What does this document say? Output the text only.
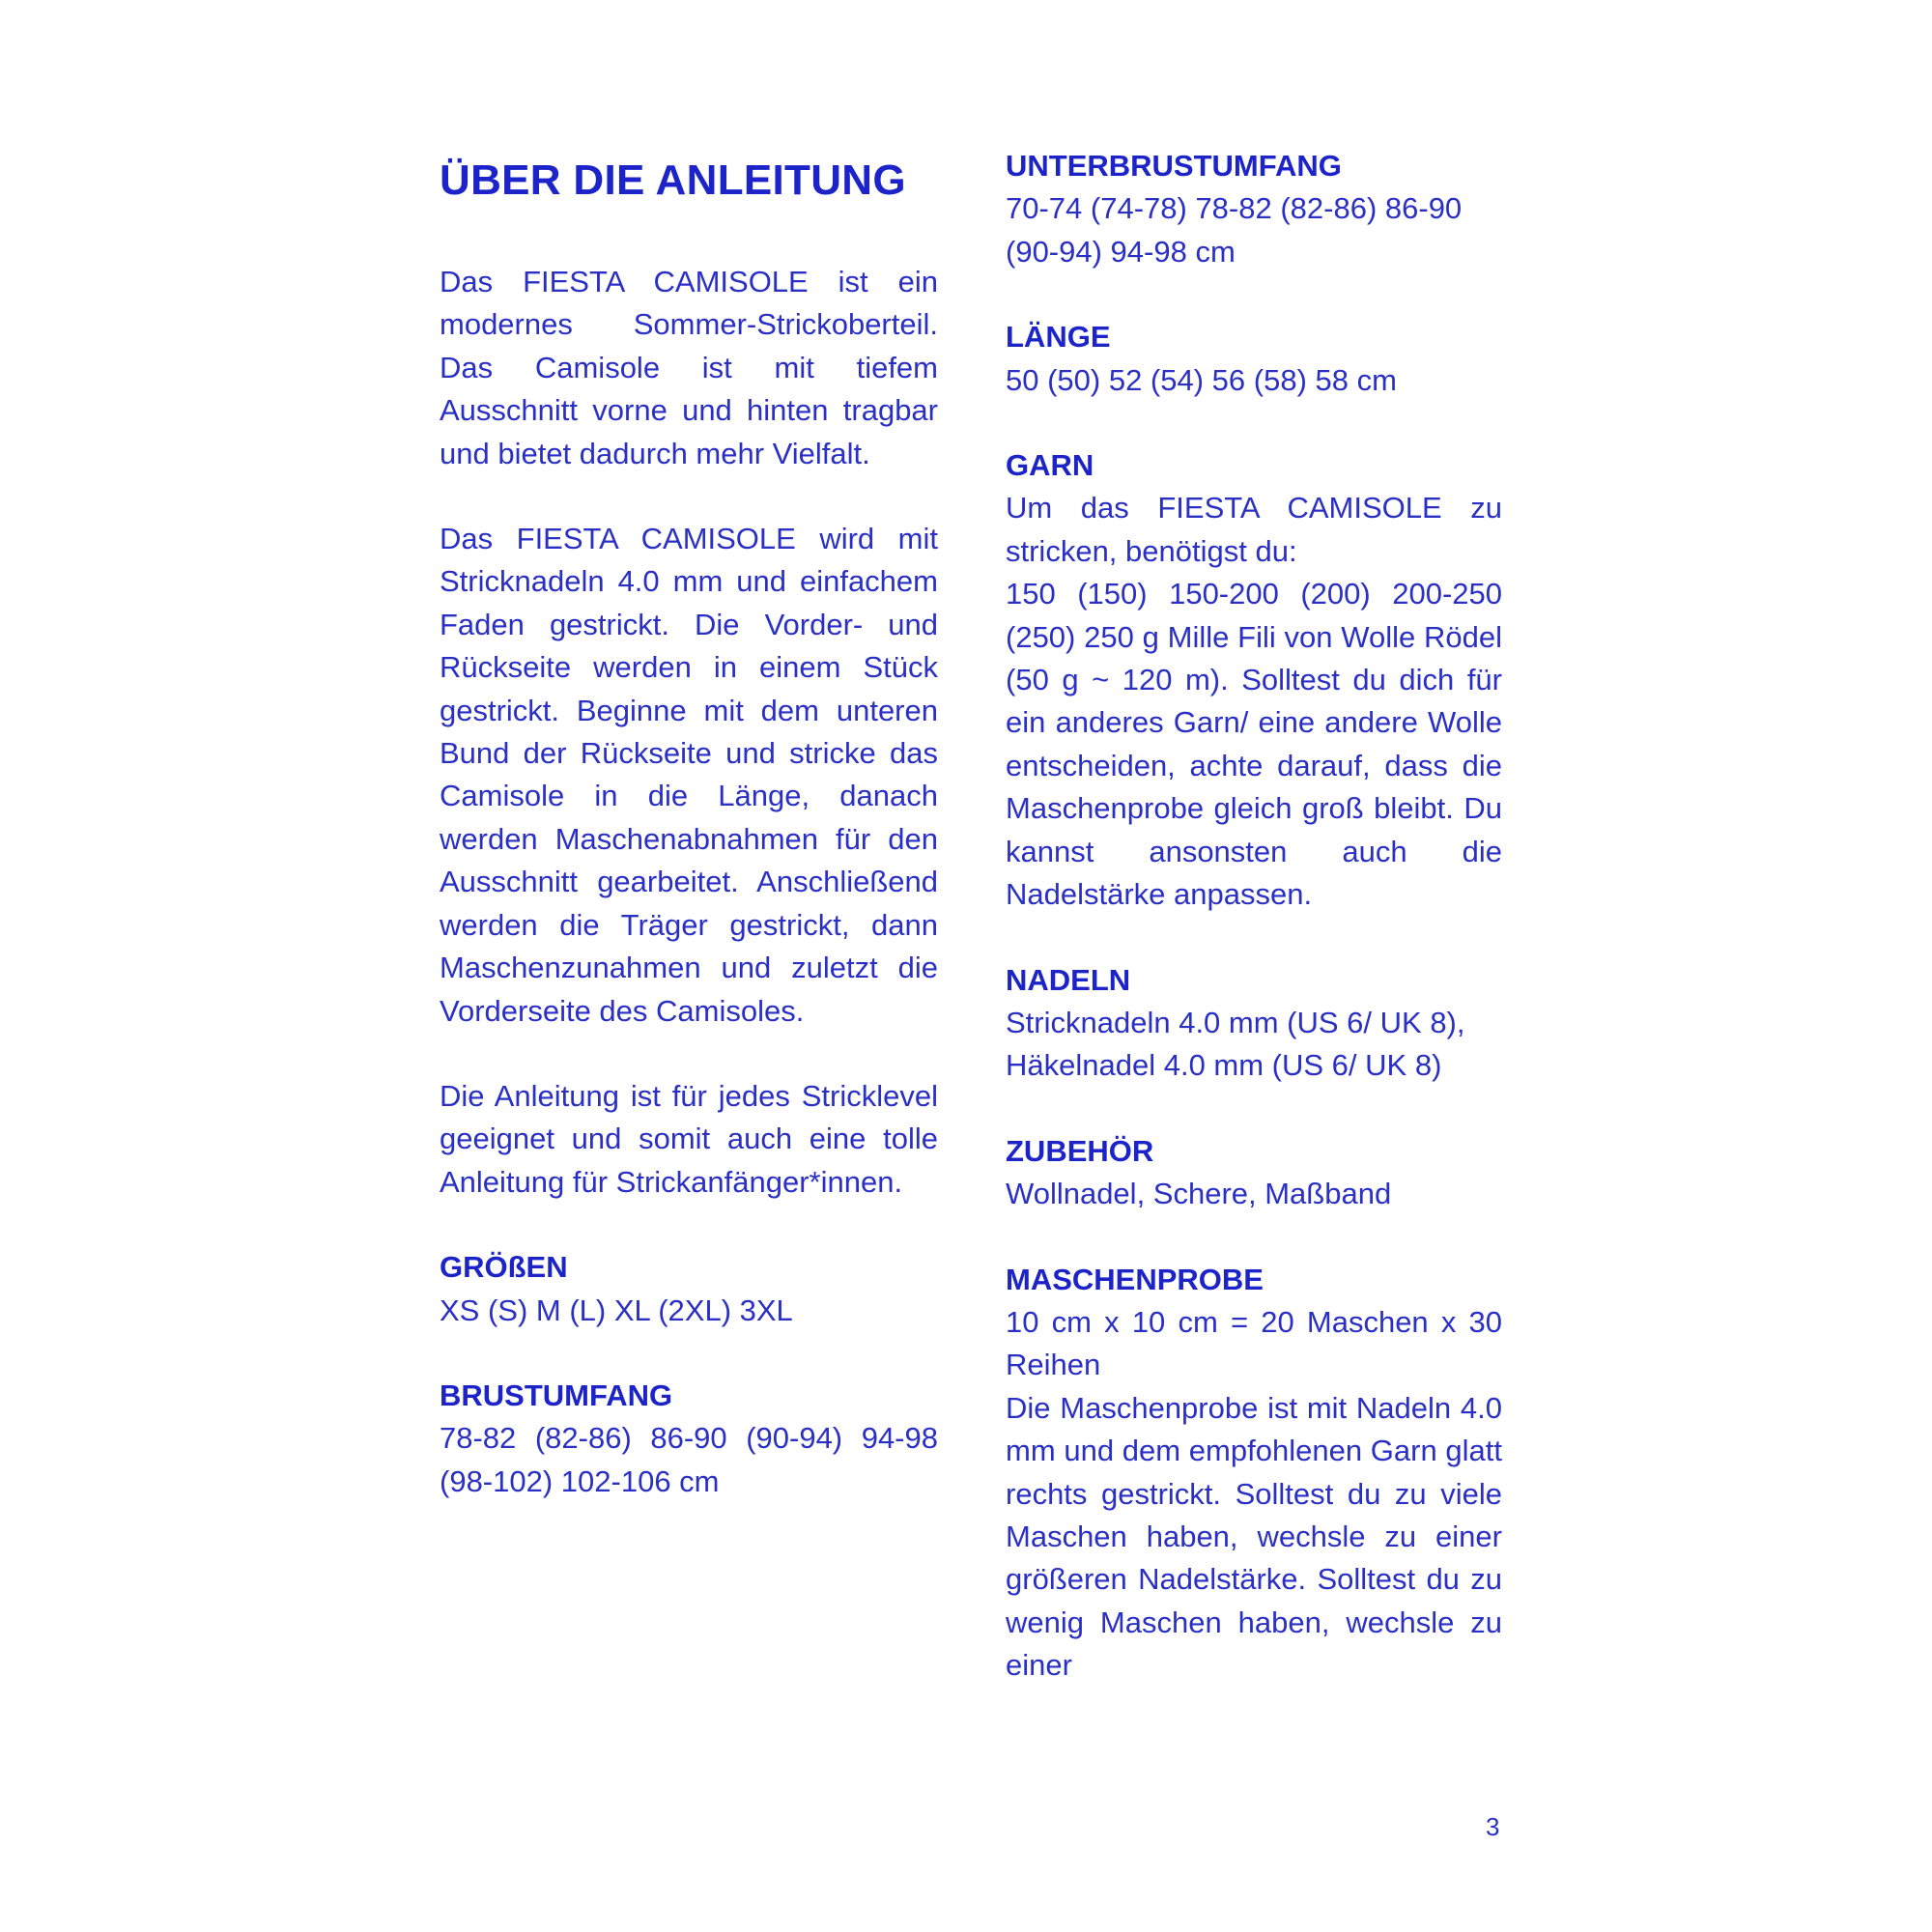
ÜBER DIE ANLEITUNG

Das FIESTA CAMISOLE ist ein modernes Sommer-Strickoberteil. Das Camisole ist mit tiefem Ausschnitt vorne und hinten tragbar und bietet dadurch mehr Vielfalt.

Das FIESTA CAMISOLE wird mit Stricknadeln 4.0 mm und einfachem Faden gestrickt. Die Vorder- und Rückseite werden in einem Stück gestrickt. Beginne mit dem unteren Bund der Rückseite und stricke das Camisole in die Länge, danach werden Maschenabnahmen für den Ausschnitt gearbeitet. Anschließend werden die Träger gestrickt, dann Maschenzunahmen und zuletzt die Vorderseite des Camisoles.

Die Anleitung ist für jedes Stricklevel geeignet und somit auch eine tolle Anleitung für Strickanfänger*innen.

GRÖßEN
XS (S) M (L) XL (2XL) 3XL
BRUSTUMFANG
78-82 (82-86) 86-90 (90-94) 94-98 (98-102) 102-106 cm
UNTERBRUSTUMFANG
70-74 (74-78) 78-82 (82-86) 86-90 (90-94) 94-98 cm
LÄNGE
50 (50) 52 (54) 56 (58) 58 cm
GARN
Um das FIESTA CAMISOLE zu stricken, benötigst du:
150 (150) 150-200 (200) 200-250 (250) 250 g Mille Fili von Wolle Rödel (50 g ~ 120 m). Solltest du dich für ein anderes Garn/ eine andere Wolle entscheiden, achte darauf, dass die Maschenprobe gleich groß bleibt. Du kannst ansonsten auch die Nadelstärke anpassen.
NADELN
Stricknadeln 4.0 mm (US 6/ UK 8), Häkelnadel 4.0 mm (US 6/ UK 8)
ZUBEHÖR
Wollnadel, Schere, Maßband
MASCHENPROBE
10 cm x 10 cm = 20 Maschen x 30 Reihen
Die Maschenprobe ist mit Nadeln 4.0 mm und dem empfohlenen Garn glatt rechts gestrickt. Solltest du zu viele Maschen haben, wechsle zu einer größeren Nadelstärke. Solltest du zu wenig Maschen haben, wechsle zu einer
3
